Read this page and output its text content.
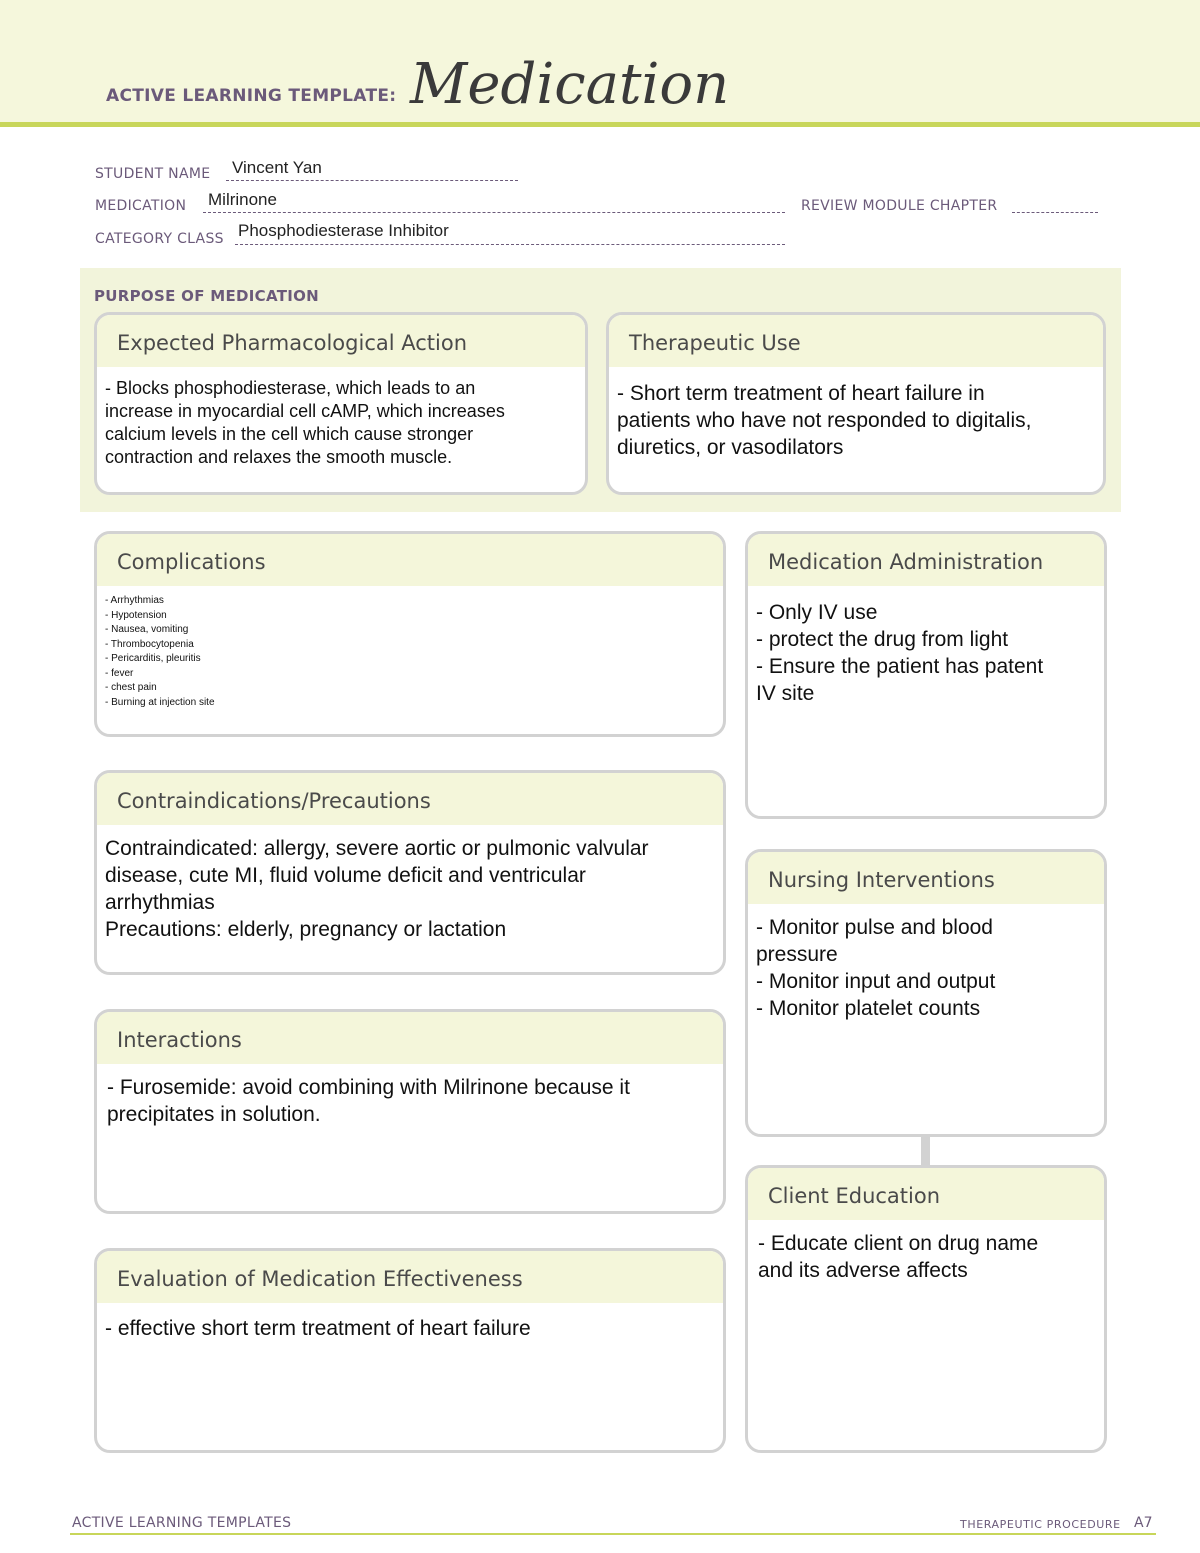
ACTIVE LEARNING TEMPLATE: Medication
STUDENT NAME Vincent Yan
MEDICATION Milrinone	REVIEW MODULE CHAPTER
CATEGORY CLASS Phosphodiesterase Inhibitor
PURPOSE OF MEDICATION
Expected Pharmacological Action
- Blocks phosphodiesterase, which leads to an
increase in myocardial cell cAMP, which increases
calcium levels in the cell which cause stronger
contraction and relaxes the smooth muscle.
Therapeutic Use
- Short term treatment of heart failure in
patients who have not responded to digitalis,
diuretics, or vasodilators
Complications
- Arrhythmias
- Hypotension
- Nausea, vomiting
- Thrombocytopenia
- Pericarditis, pleuritis
- fever
- chest pain
- Burning at injection site
Contraindications/Precautions
Contraindicated: allergy, severe aortic or pulmonic valvular
disease, cute MI, fluid volume deficit and ventricular
arrhythmias
Precautions: elderly, pregnancy or lactation
Interactions
- Furosemide: avoid combining with Milrinone because it
precipitates in solution.
Evaluation of Medication Effectiveness
- effective short term treatment of heart failure
Medication Administration
- Only IV use
- protect the drug from light
- Ensure the patient has patent
IV site
Nursing Interventions
- Monitor pulse and blood
pressure
- Monitor input and output
- Monitor platelet counts
Client Education
- Educate client on drug name
and its adverse affects
ACTIVE LEARNING TEMPLATES	THERAPEUTIC PROCEDURE A7
